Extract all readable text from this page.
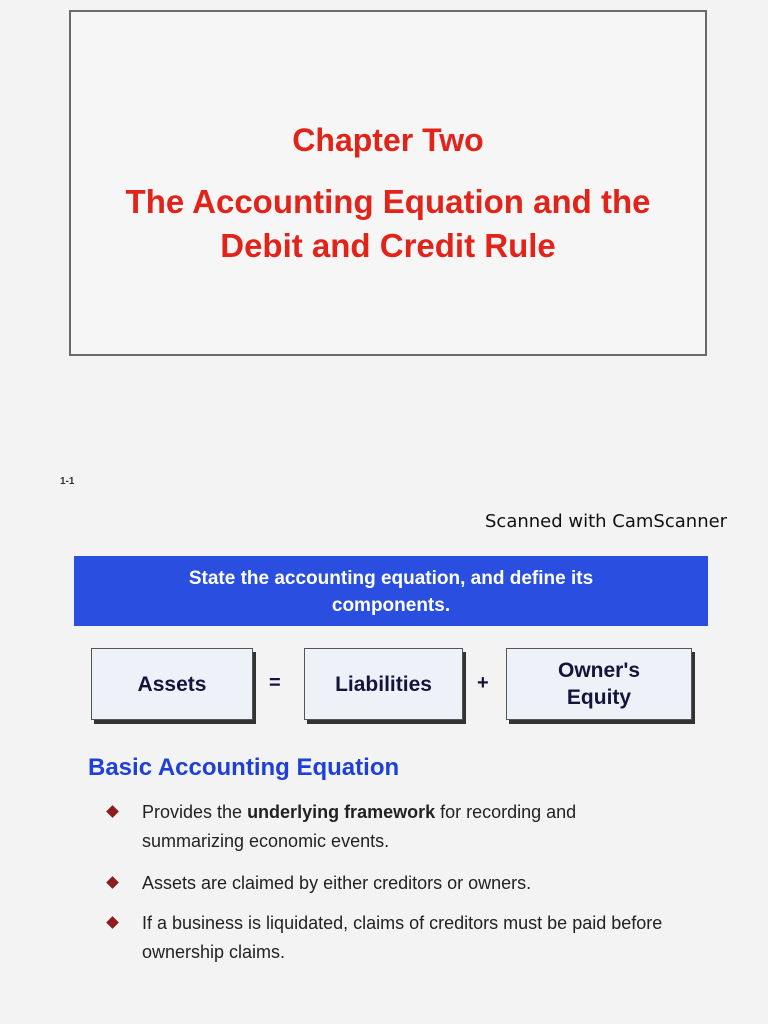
Chapter Two
The Accounting Equation and the
Debit and Credit Rule
1-1
Scanned with CamScanner
State the accounting equation, and define its
components.
Assets	=	Liabilities +
Owner's
Equity
Basic Accounting Equation
Provides the underlying framework for recording and summarizing economic events.
Assets are claimed by either creditors or owners.
If a business is liquidated, claims of creditors must be paid before ownership claims.
